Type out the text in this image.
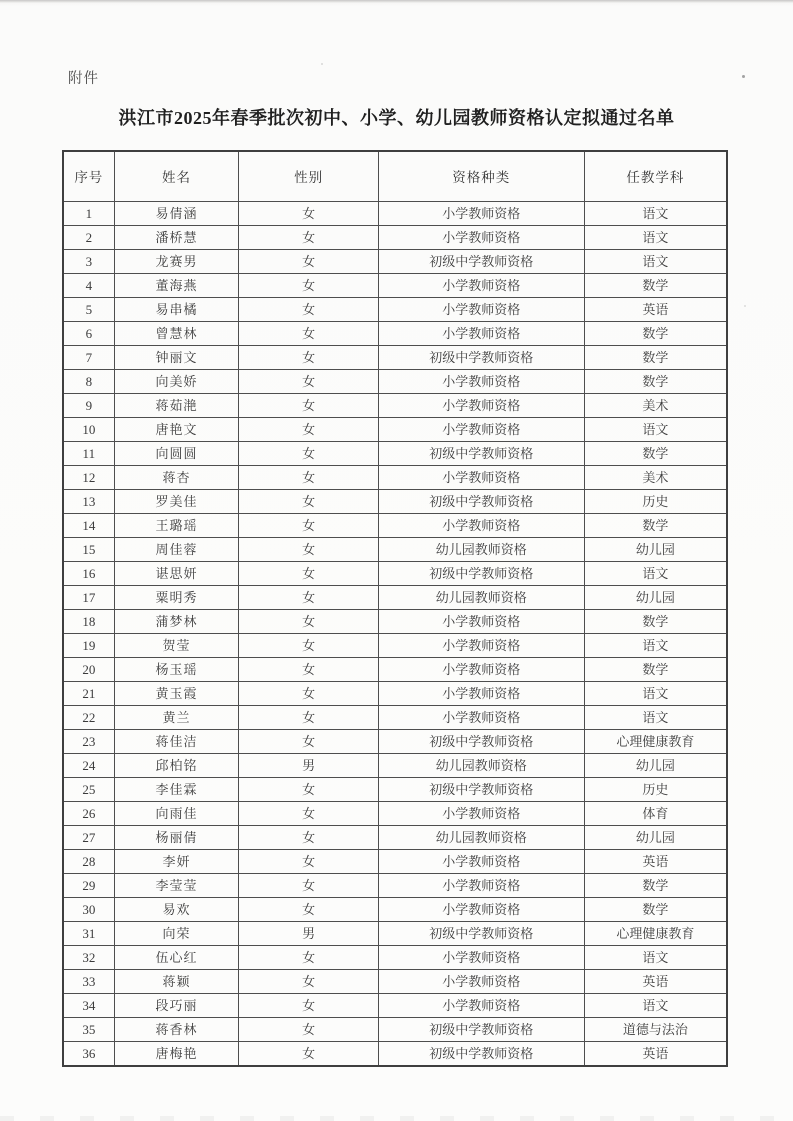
附件
洪江市2025年春季批次初中、小学、幼儿园教师资格认定拟通过名单
序号	姓名	性别	资格种类	任教学科
1	易倩涵	女	小学教师资格	语文
2	潘桥慧	女	小学教师资格	语文
3	龙赛男	女	初级中学教师资格	语文
4	董海燕	女	小学教师资格	数学
5	易串橘	女	小学教师资格	英语
6	曾慧林	女	小学教师资格	数学
7	钟丽文	女	初级中学教师资格	数学
8	向美娇	女	小学教师资格	数学
9	蒋茹滟	女	小学教师资格	美术
10	唐艳文	女	小学教师资格	语文
11	向圆圆	女	初级中学教师资格	数学
12	蒋杏	女	小学教师资格	美术
13	罗美佳	女	初级中学教师资格	历史
14	王璐瑶	女	小学教师资格	数学
15	周佳蓉	女	幼儿园教师资格	幼儿园
16	谌思妍	女	初级中学教师资格	语文
17	粟明秀	女	幼儿园教师资格	幼儿园
18	蒲梦林	女	小学教师资格	数学
19	贺莹	女	小学教师资格	语文
20	杨玉瑶	女	小学教师资格	数学
21	黄玉霞	女	小学教师资格	语文
22	黄兰	女	小学教师资格	语文
23	蒋佳洁	女	初级中学教师资格	心理健康教育
24	邱柏铭	男	幼儿园教师资格	幼儿园
25	李佳霖	女	初级中学教师资格	历史
26	向雨佳	女	小学教师资格	体育
27	杨丽倩	女	幼儿园教师资格	幼儿园
28	李妍	女	小学教师资格	英语
29	李莹莹	女	小学教师资格	数学
30	易欢	女	小学教师资格	数学
31	向荣	男	初级中学教师资格	心理健康教育
32	伍心红	女	小学教师资格	语文
33	蒋颖	女	小学教师资格	英语
34	段巧丽	女	小学教师资格	语文
35	蒋香林	女	初级中学教师资格	道德与法治
36	唐梅艳	女	初级中学教师资格	英语
